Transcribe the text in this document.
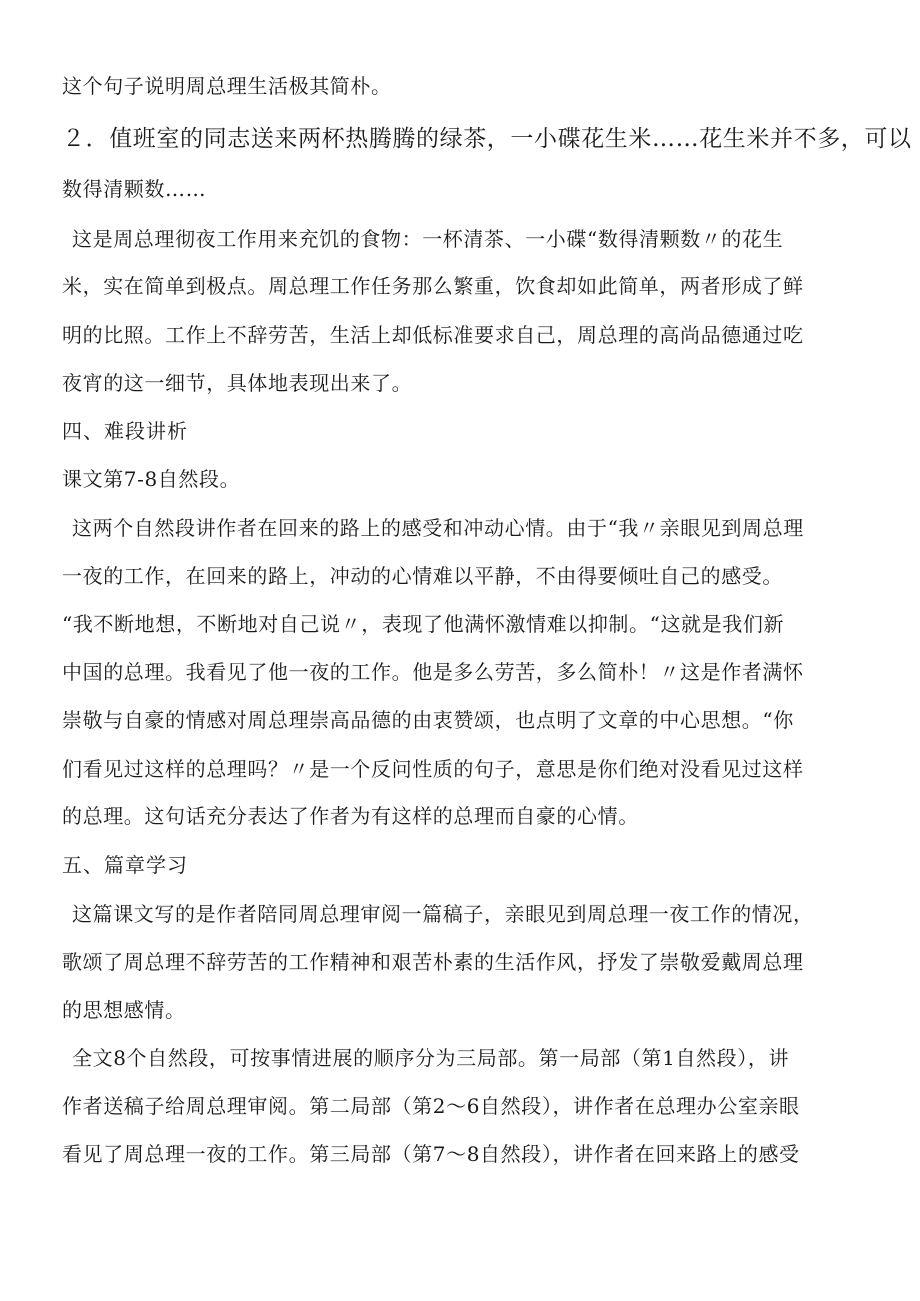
这个句子说明周总理生活极其简朴。
２．值班室的同志送来两杯热腾腾的绿茶，一小碟花生米……花生米并不多，可以
数得清颗数……
这是周总理彻夜工作用来充饥的食物：一杯清茶、一小碟“数得清颗数〃的花生
米，实在简单到极点。周总理工作任务那么繁重，饮食却如此简单，两者形成了鲜
明的比照。工作上不辞劳苦，生活上却低标准要求自己，周总理的高尚品德通过吃
夜宵的这一细节，具体地表现出来了。
四、难段讲析
课文第7-8自然段。
这两个自然段讲作者在回来的路上的感受和冲动心情。由于“我〃亲眼见到周总理
一夜的工作，在回来的路上，冲动的心情难以平静，不由得要倾吐自己的感受。
“我不断地想，不断地对自己说〃，表现了他满怀激情难以抑制。“这就是我们新
中国的总理。我看见了他一夜的工作。他是多么劳苦，多么简朴！〃这是作者满怀
崇敬与自豪的情感对周总理崇高品德的由衷赞颂，也点明了文章的中心思想。“你
们看见过这样的总理吗？〃是一个反问性质的句子，意思是你们绝对没看见过这样
的总理。这句话充分表达了作者为有这样的总理而自豪的心情。
五、篇章学习
这篇课文写的是作者陪同周总理审阅一篇稿子，亲眼见到周总理一夜工作的情况，
歌颂了周总理不辞劳苦的工作精神和艰苦朴素的生活作风，抒发了崇敬爱戴周总理
的思想感情。
全文8个自然段，可按事情进展的顺序分为三局部。第一局部（第1自然段），讲
作者送稿子给周总理审阅。第二局部（第2～6自然段），讲作者在总理办公室亲眼
看见了周总理一夜的工作。第三局部（第7～8自然段），讲作者在回来路上的感受
